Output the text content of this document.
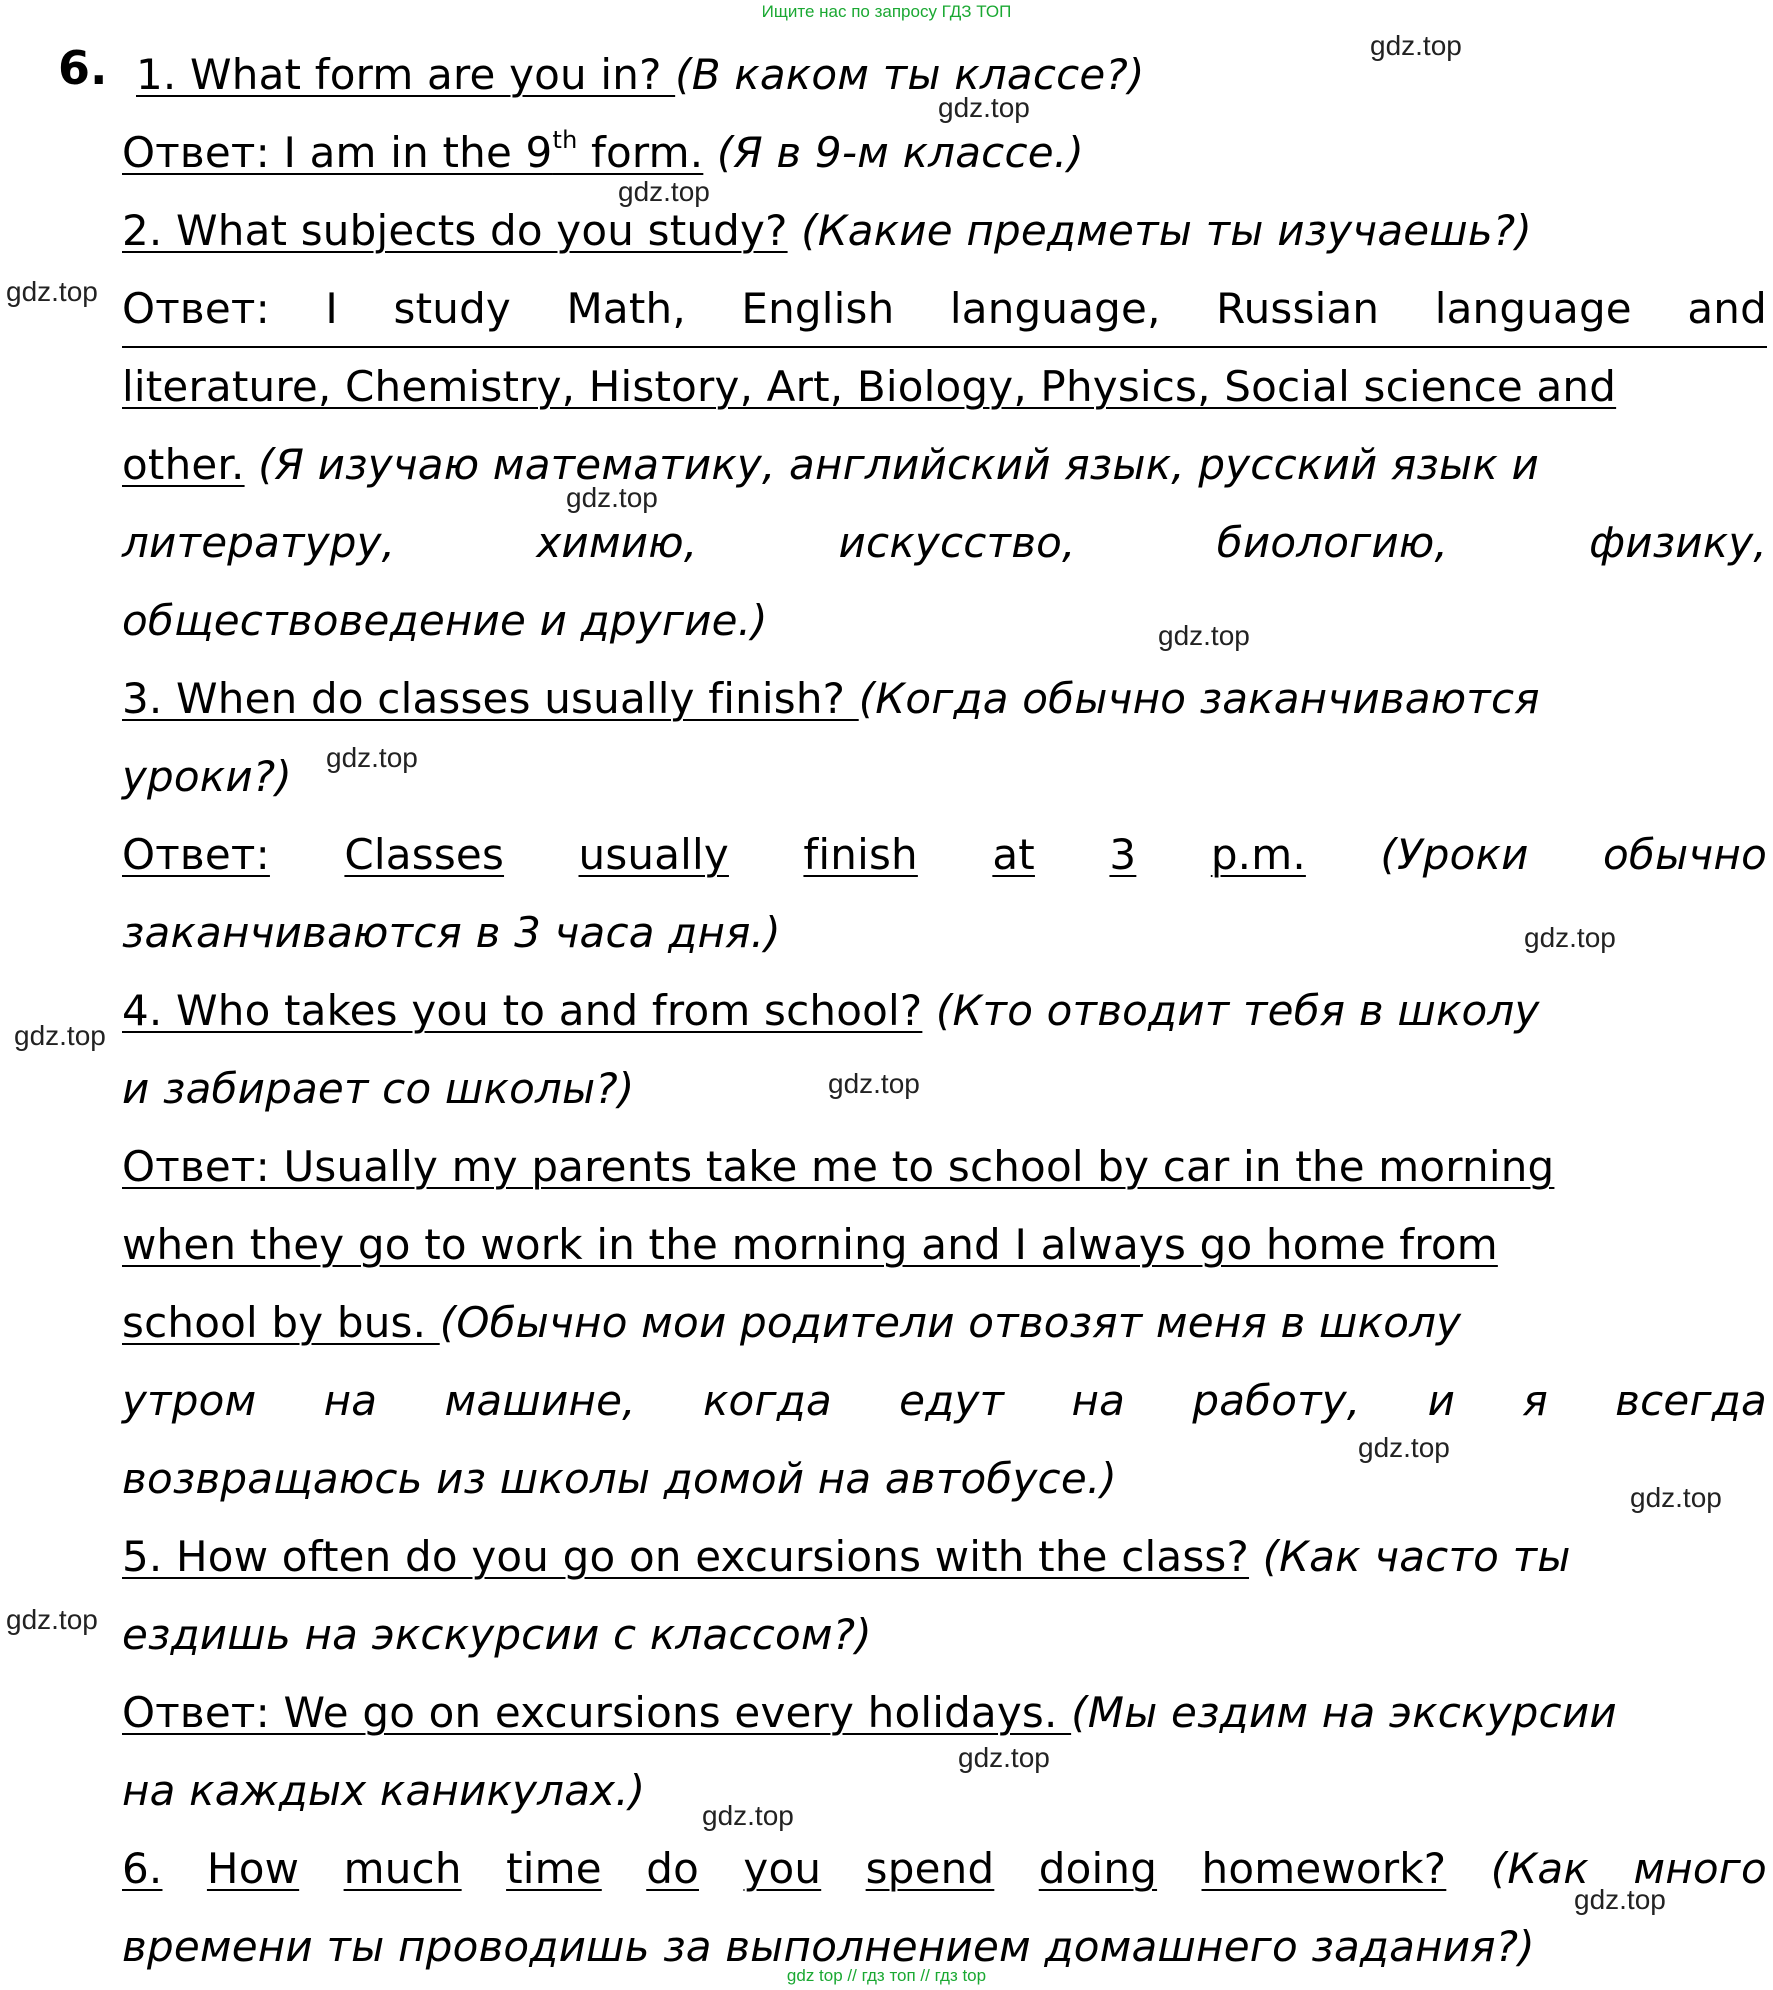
Ищите нас по запросу ГДЗ ТОП
6. 1. What form are you in? (В каком ты классе?)
Ответ: I am in the 9th form. (Я в 9-м классе.)
2. What subjects do you study? (Какие предметы ты изучаешь?)
Ответ: I study Math, English language, Russian language and
literature, Chemistry, History, Art, Biology, Physics, Social science and
other. (Я изучаю математику, английский язык, русский язык и
литературу,	химию,	искусство,	биологию,	физику,
обществоведение и другие.)
3. When do classes usually finish? (Когда обычно заканчиваются
уроки?)
Ответ: Classes usually finish at 3 p.m. (Уроки обычно
заканчиваются в 3 часа дня.)
4. Who takes you to and from school? (Кто отводит тебя в школу
и забирает со школы?)
Ответ: Usually my parents take me to school by car in the morning
when they go to work in the morning and I always go home from
school by bus. (Обычно мои родители отвозят меня в школу
утром на машине, когда едут на работу, и я всегда
возвращаюсь из школы домой на автобусе.)
5. How often do you go on excursions with the class? (Как часто ты
ездишь на экскурсии с классом?)
Ответ: We go on excursions every holidays. (Мы ездим на экскурсии
на каждых каникулах.)
6. How much time do you spend doing homework? (Как много
времени ты проводишь за выполнением домашнего задания?)
gdz.top
gdz.top
gdz.top
gdz.top
gdz.top
gdz.top
gdz.top
gdz.top
gdz.top
gdz.top
gdz.top
gdz.top
gdz.top
gdz.top
gdz.top
gdz.top
gdz top // гдз топ // гдз top
